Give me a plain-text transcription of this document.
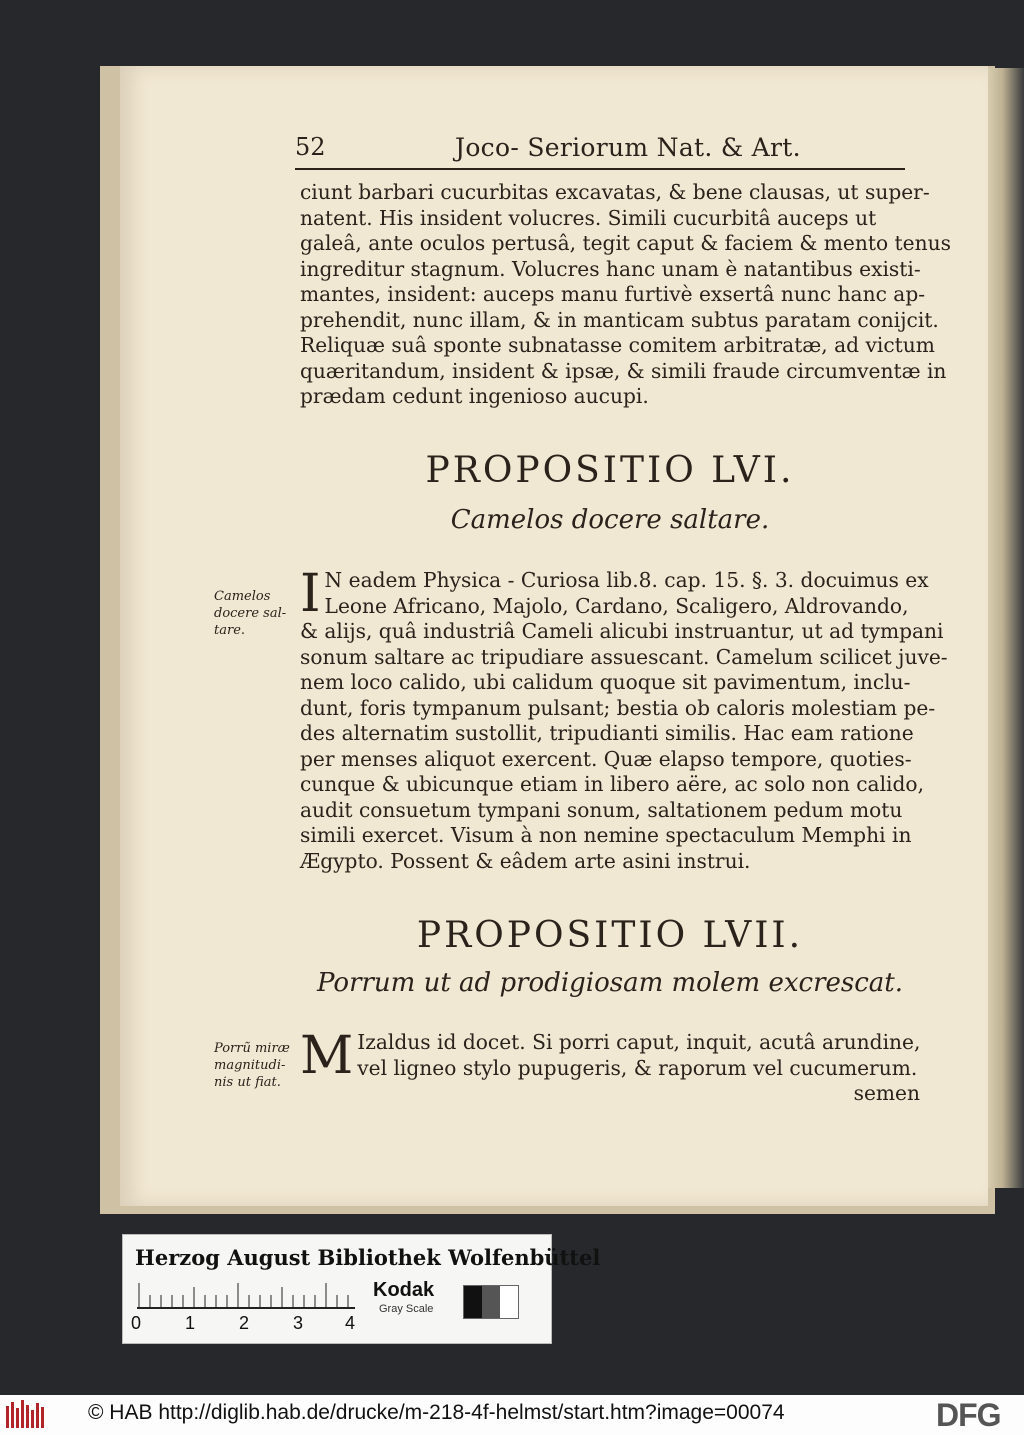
52	Joco- Seriorum Nat. & Art.
ciunt barbari cucurbitas excavatas, & bene clausas, ut super-
natent. His insident volucres. Simili cucurbitâ auceps ut
galeâ, ante oculos pertusâ, tegit caput & faciem & mento tenus
ingreditur stagnum. Volucres hanc unam è natantibus existi-
mantes, insident: auceps manu furtivè exsertâ nunc hanc ap-
prehendit, nunc illam, & in manticam subtus paratam conijcit.
Reliquæ suâ sponte subnatasse comitem arbitratæ, ad victum
quæritandum, insident & ipsæ, & simili fraude circumventæ in
prædam cedunt ingenioso aucupi.
PROPOSITIO LVI.
Camelos docere saltare.
Camelos
docere sal-
tare.
I N eadem Physica - Curiosa lib.8. cap. 15. §. 3. docuimus ex
Leone Africano, Majolo, Cardano, Scaligero, Aldrovando,
& alijs, quâ industriâ Cameli alicubi instruantur, ut ad tympani
sonum saltare ac tripudiare assuescant. Camelum scilicet juve-
nem loco calido, ubi calidum quoque sit pavimentum, inclu-
dunt, foris tympanum pulsant; bestia ob caloris molestiam pe-
des alternatim sustollit, tripudianti similis. Hac eam ratione
per menses aliquot exercent. Quæ elapso tempore, quoties-
cunque & ubicunque etiam in libero aëre, ac solo non calido,
audit consuetum tympani sonum, saltationem pedum motu
simili exercet. Visum à non nemine spectaculum Memphi in
Ægypto. Possent & eâdem arte asini instrui.
PROPOSITIO LVII.
Porrum ut ad prodigiosam molem excrescat.
Porrũ miræ
magnitudi-
nis ut fiat. M Izaldus id docet. Si porri caput, inquit, acutâ arundine,
vel ligneo stylo pupugeris, & raporum vel cucumerum.
semen
Herzog August Bibliothek Wolfenbüttel
0 1 2 3 4
Kodak
Gray Scale
© HAB http://diglib.hab.de/drucke/m-218-4f-helmst/start.htm?image=00074	DFG
